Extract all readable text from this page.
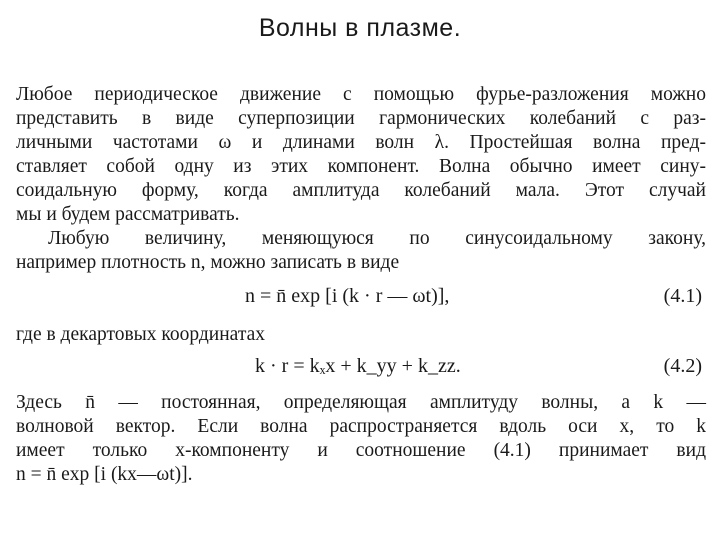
Волны в плазме.
Любое периодическое движение с помощью фурье-разложения можно
представить в виде суперпозиции гармонических колебаний с раз-
личными частотами ω и длинами волн λ. Простейшая волна пред-
ставляет собой одну из этих компонент. Волна обычно имеет сину-
соидальную форму, когда амплитуда колебаний мала. Этот случай
мы и будем рассматривать.
Любую величину, меняющуюся по синусоидальному закону,
например плотность n, можно записать в виде
n = n̄ exp [i (k · r — ωt)],	(4.1)
где в декартовых координатах
k · r = kₓx + k_yy + k_zz.	(4.2)
Здесь n̄ — постоянная, определяющая амплитуду волны, а k —
волновой вектор. Если волна распространяется вдоль оси x, то k
имеет только x-компоненту и соотношение (4.1) принимает вид
n = n̄ exp [i (kx—ωt)].
